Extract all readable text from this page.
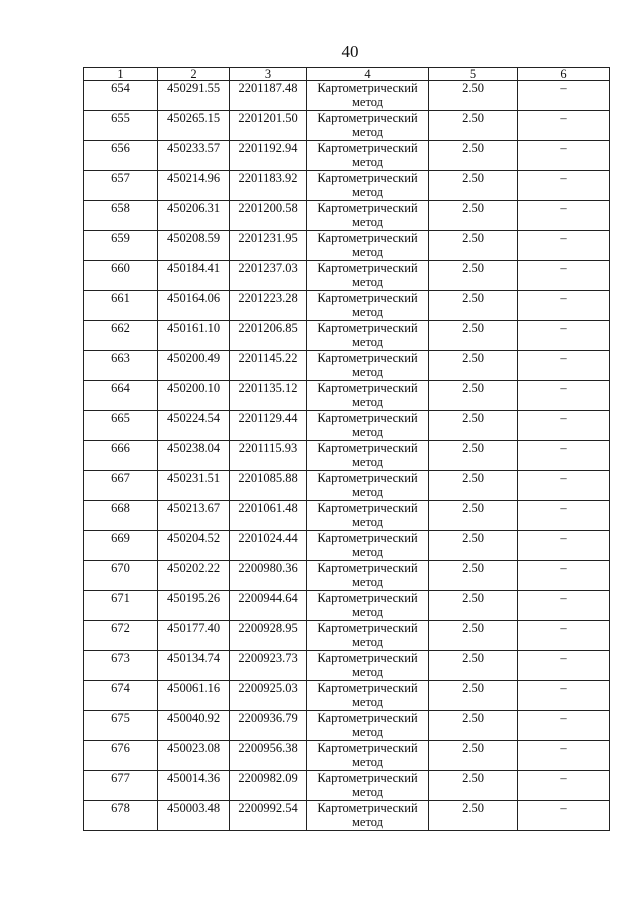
40
1	2	3	4	5	6
654	450291.55	2201187.48	Картометрический метод	2.50	–
655	450265.15	2201201.50	Картометрический метод	2.50	–
656	450233.57	2201192.94	Картометрический метод	2.50	–
657	450214.96	2201183.92	Картометрический метод	2.50	–
658	450206.31	2201200.58	Картометрический метод	2.50	–
659	450208.59	2201231.95	Картометрический метод	2.50	–
660	450184.41	2201237.03	Картометрический метод	2.50	–
661	450164.06	2201223.28	Картометрический метод	2.50	–
662	450161.10	2201206.85	Картометрический метод	2.50	–
663	450200.49	2201145.22	Картометрический метод	2.50	–
664	450200.10	2201135.12	Картометрический метод	2.50	–
665	450224.54	2201129.44	Картометрический метод	2.50	–
666	450238.04	2201115.93	Картометрический метод	2.50	–
667	450231.51	2201085.88	Картометрический метод	2.50	–
668	450213.67	2201061.48	Картометрический метод	2.50	–
669	450204.52	2201024.44	Картометрический метод	2.50	–
670	450202.22	2200980.36	Картометрический метод	2.50	–
671	450195.26	2200944.64	Картометрический метод	2.50	–
672	450177.40	2200928.95	Картометрический метод	2.50	–
673	450134.74	2200923.73	Картометрический метод	2.50	–
674	450061.16	2200925.03	Картометрический метод	2.50	–
675	450040.92	2200936.79	Картометрический метод	2.50	–
676	450023.08	2200956.38	Картометрический метод	2.50	–
677	450014.36	2200982.09	Картометрический метод	2.50	–
678	450003.48	2200992.54	Картометрический метод	2.50	–
